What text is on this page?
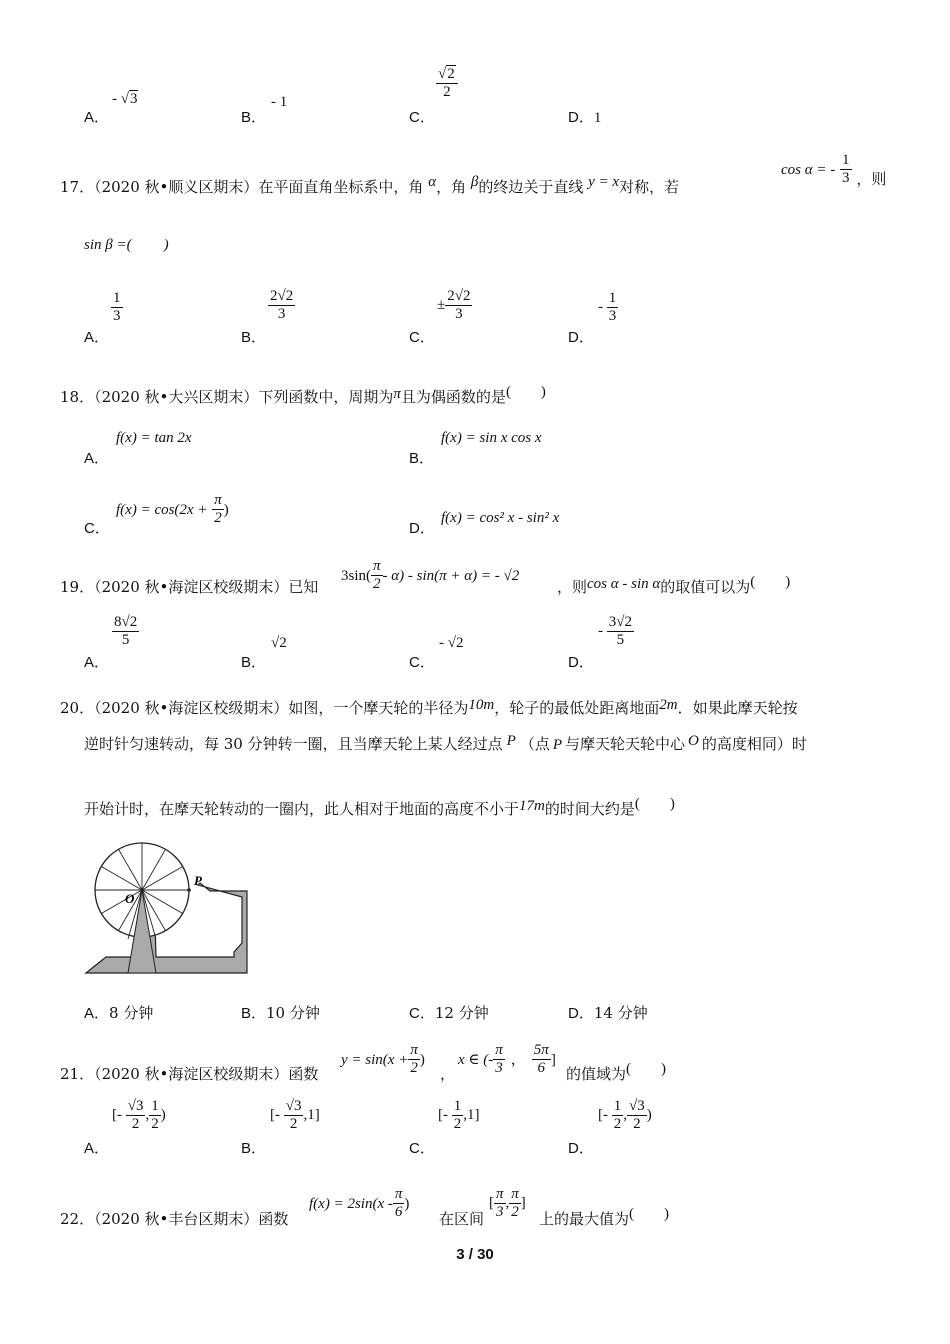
A．
- √3
B．
- 1
C．
$\frac{√2}{2}$
D．1
17．（2020 秋•顺义区期末）在平面直角坐标系中，角 α，角 β的终边关于直线 y = x对称，若
cos α = - $\frac{1}{3}$ ，则
sin β =( )
A．
$\frac{1}{3}$
B．
$\frac{2√2}{3}$
C．
± $\frac{2√2}{3}$
D．
- $\frac{1}{3}$
18．（2020 秋•大兴区期末）下列函数中，周期为π且为偶函数的是(　　)
A．
f(x) = tan 2x
B．
f(x) = sin x cos x
C．
$f(x) = \cos(2x + \frac{\pi}{2}$ )
D．
f(x) = cos² x - sin² x
19．（2020 秋•海淀区校级期末）已知
$3\sin( \frac{\pi}{2} - \alpha) - \sin(\pi + \alpha)$ = - √2
，则cos α - sin α的取值可以为(　　)
A．
$\frac{8√2}{5}$
B．
√2
C．
- √2
D．
- $\frac{3√2}{5}$
20．（2020 秋•海淀区校级期末）如图，一个摩天轮的半径为10m，轮子的最低处距离地面2m．如果此摩天轮按
逆时针匀速转动，每 30 分钟转一圈，且当摩天轮上某人经过点 P （点 P 与摩天轮天轮中心 O 的高度相同）时
开始计时，在摩天轮转动的一圈内，此人相对于地面的高度不小于17m的时间大约是(　　)
P
O
A．8 分钟	B．10 分钟	C．12 分钟	D．14 分钟
21．（2020 秋•海淀区校级期末）函数
$y = \sin(x + \frac{\pi}{2}$ )
，
x ∈ (- $\frac{\pi}{3}$ ， $\frac{5\pi}{6}$ ]
的值域为(　　)
A．
[- $\frac{√3}{2}$ , $\frac{1}{2}$ )
B．
[- $\frac{√3}{2} ,1$]
C．
[- $\frac{1}{2} ,1$]
D．
[- $\frac{1}{2}$ , $\frac{√3}{2}$ )
22．（2020 秋•丰台区期末）函数
$f(x) = 2\sin(x - \frac{\pi}{6}$ )
在区间
[ $\frac{\pi}{3}$ , $\frac{\pi}{2}$ ]
上的最大值为(　　)
3 / 30
